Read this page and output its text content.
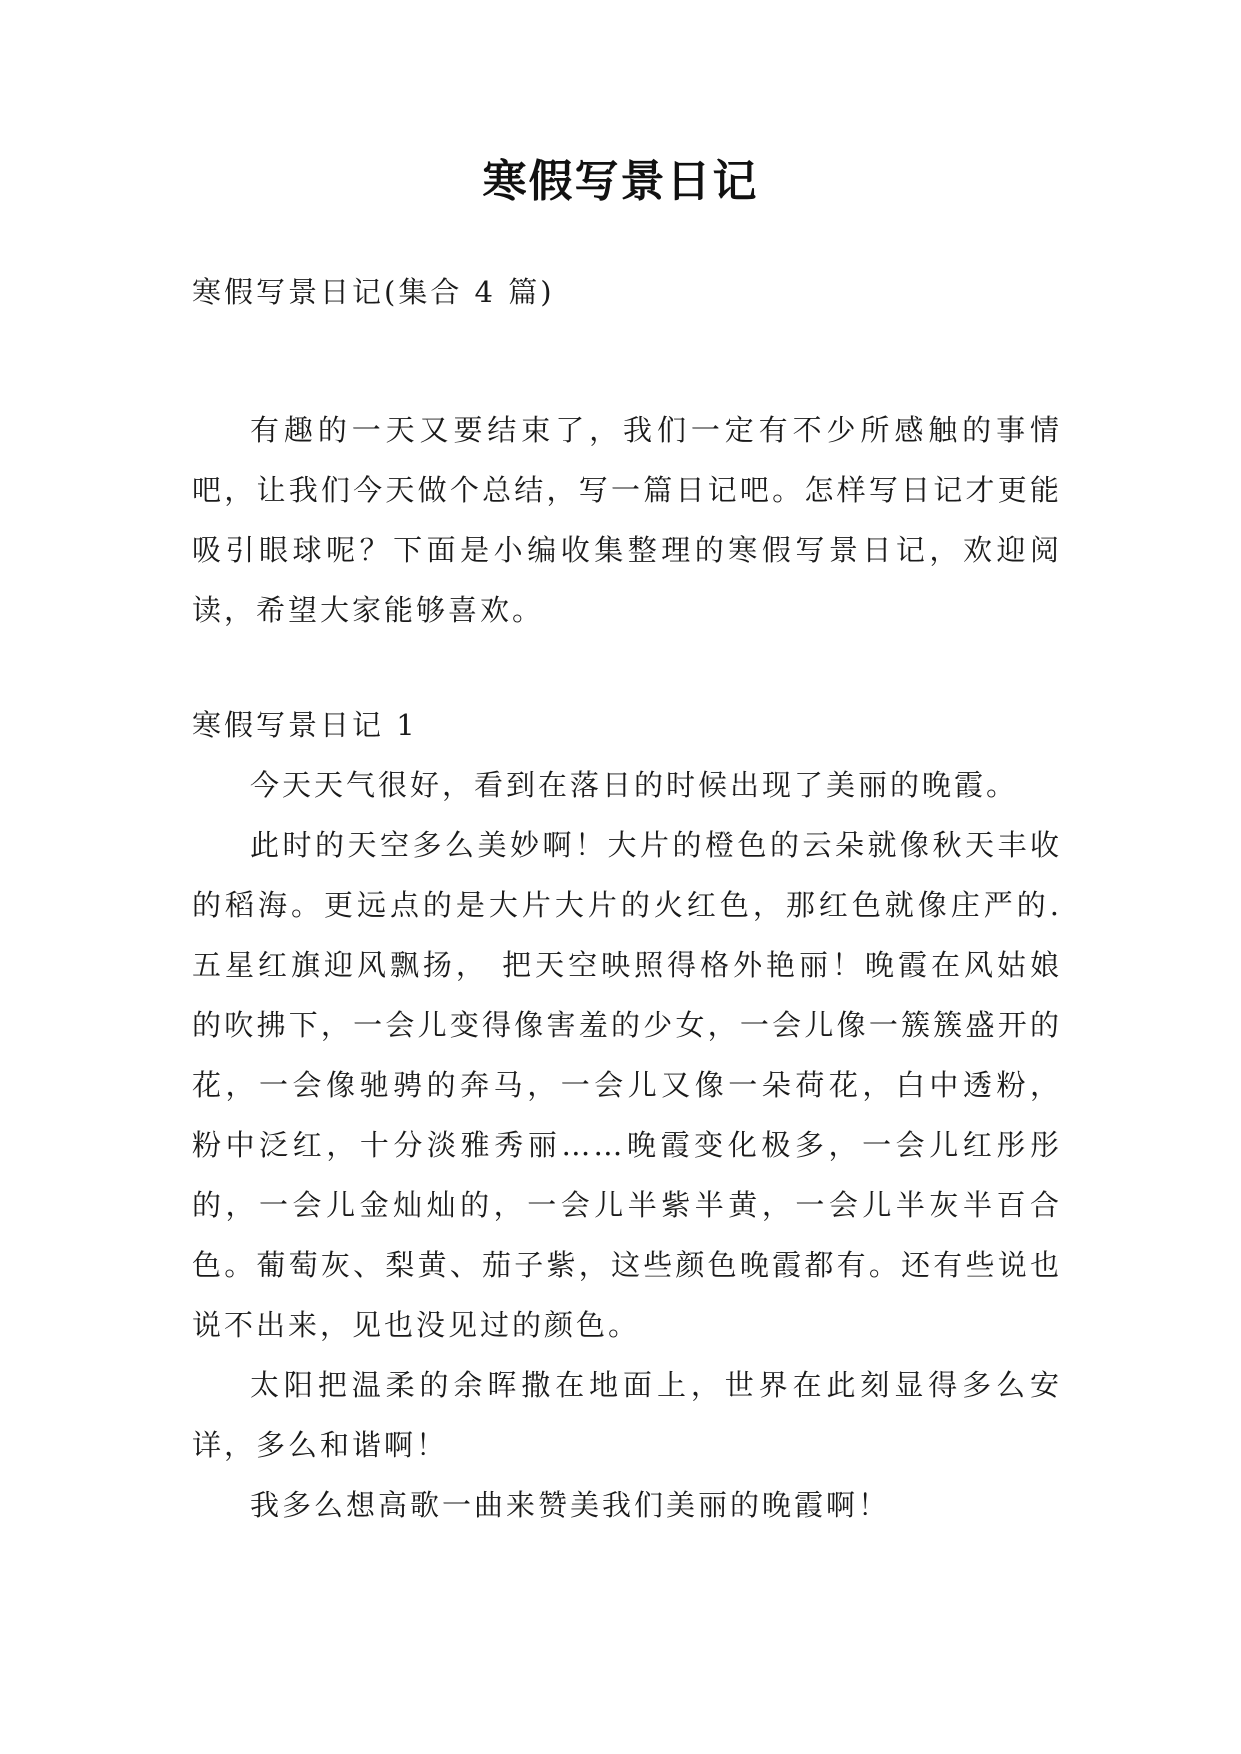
寒假写景日记

寒假写景日记(集合 4 篇)

有趣的一天又要结束了，我们一定有不少所感触的事情吧，让我们今天做个总结，写一篇日记吧。怎样写日记才更能吸引眼球呢？下面是小编收集整理的寒假写景日记，欢迎阅读，希望大家能够喜欢。

寒假写景日记 1

今天天气很好，看到在落日的时候出现了美丽的晚霞。

此时的天空多么美妙啊！大片的橙色的云朵就像秋天丰收的稻海。更远点的是大片大片的火红色，那红色就像庄严的.五星红旗迎风飘扬， 把天空映照得格外艳丽！晚霞在风姑娘的吹拂下，一会儿变得像害羞的少女，一会儿像一簇簇盛开的花，一会像驰骋的奔马，一会儿又像一朵荷花，白中透粉， 粉中泛红，十分淡雅秀丽……晚霞变化极多，一会儿红彤彤的，一会儿金灿灿的，一会儿半紫半黄，一会儿半灰半百合色。葡萄灰、梨黄、茄子紫，这些颜色晚霞都有。还有些说也说不出来，见也没见过的颜色。

太阳把温柔的余晖撒在地面上，世界在此刻显得多么安详，多么和谐啊！

我多么想高歌一曲来赞美我们美丽的晚霞啊！
